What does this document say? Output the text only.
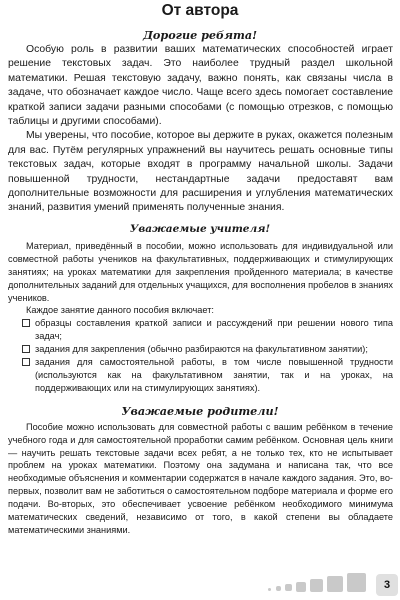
От автора
Дорогие ребята!

Особую роль в развитии ваших математических способностей играет решение текстовых задач. Это наиболее трудный раздел школьной математики. Решая текстовую задачу, важно понять, как связаны числа в задаче, что обозначает каждое число. Чаще всего здесь помогает составление краткой записи задачи разными способами (с помощью отрезков, с помощью таблицы и другими способами).

Мы уверены, что пособие, которое вы держите в руках, окажется полезным для вас. Путём регулярных упражнений вы научитесь решать основные типы текстовых задач, которые входят в программу начальной школы. Задачи повышенной трудности, нестандартные задачи предоставят вам дополнительные возможности для расширения и углубления математических знаний, развития умений применять полученные знания.

Уважаемые учителя!

Материал, приведённый в пособии, можно использовать для индивидуальной или совместной работы учеников на факультативных, поддерживающих и стимулирующих занятиях; на уроках математики для закрепления пройденного материала; в качестве дополнительных заданий для отдельных учащихся, для восполнения пробелов в знаниях учеников.

Каждое занятие данного пособия включает:

образцы составления краткой записи и рассуждений при решении нового типа задач;
задания для закрепления (обычно разбираются на факультативном занятии);
задания для самостоятельной работы, в том числе повышенной трудности (используются как на факультативном занятии, так и на уроках, на поддерживающих или на стимулирующих занятиях).
Уважаемые родители!

Пособие можно использовать для совместной работы с вашим ребёнком в течение учебного года и для самостоятельной проработки самим ребёнком. Основная цель книги — научить решать текстовые задачи всех ребят, а не только тех, кто не испытывает проблем на уроках математики. Поэтому она задумана и написана так, что все необходимые объяснения и комментарии содержатся в начале каждого задания. Это, во-первых, позволит вам не заботиться о самостоятельном подборе материала и форме его подачи. Во-вторых, это обеспечивает усвоение ребёнком необходимого минимума математических сведений, независимо от того, в какой степени вы обладаете математическими знаниями.

3
